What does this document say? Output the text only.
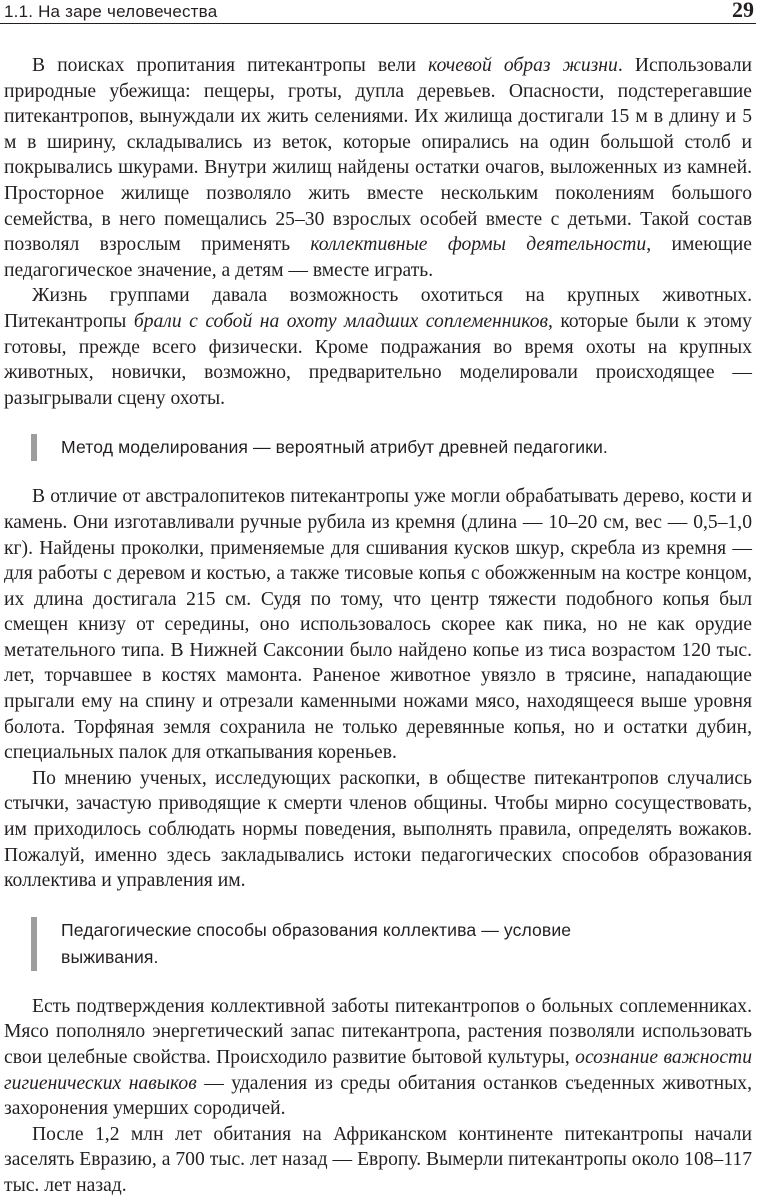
1.1. На заре человечества	29

В поисках пропитания питекантропы вели кочевой образ жизни. Использовали природные убежища: пещеры, гроты, дупла деревьев. Опасности, подстерегавшие питекантропов, вынуждали их жить селениями. Их жилища достигали 15 м в длину и 5 м в ширину, складывались из веток, которые опирались на один большой столб и покрывались шкурами. Внутри жилищ найдены остатки очагов, выложенных из камней. Просторное жилище позволяло жить вместе нескольким поколениям большого семейства, в него помещались 25–30 взрослых особей вместе с детьми. Такой состав позволял взрослым применять коллективные формы деятельности, имеющие педагогическое значение, а детям — вместе играть.

Жизнь группами давала возможность охотиться на крупных животных. Питекантропы брали с собой на охоту младших соплеменников, которые были к этому готовы, прежде всего физически. Кроме подражания во время охоты на крупных животных, новички, возможно, предварительно моделировали происходящее — разыгрывали сцену охоты.

Метод моделирования — вероятный атрибут древней педагогики.

В отличие от австралопитеков питекантропы уже могли обрабатывать дерево, кости и камень. Они изготавливали ручные рубила из кремня (длина — 10–20 см, вес — 0,5–1,0 кг). Найдены проколки, применяемые для сшивания кусков шкур, скребла из кремня — для работы с деревом и костью, а также тисовые копья с обожженным на костре концом, их длина достигала 215 см. Судя по тому, что центр тяжести подобного копья был смещен книзу от середины, оно использовалось скорее как пика, но не как орудие метательного типа. В Нижней Саксонии было найдено копье из тиса возрастом 120 тыс. лет, торчавшее в костях мамонта. Раненое животное увязло в трясине, нападающие прыгали ему на спину и отрезали каменными ножами мясо, находящееся выше уровня болота. Торфяная земля сохранила не только деревянные копья, но и остатки дубин, специальных палок для откапывания кореньев.

По мнению ученых, исследующих раскопки, в обществе питекантропов случались стычки, зачастую приводящие к смерти членов общины. Чтобы мирно сосуществовать, им приходилось соблюдать нормы поведения, выполнять правила, определять вожаков. Пожалуй, именно здесь закладывались истоки педагогических способов образования коллектива и управления им.

Педагогические способы образования коллектива — условие
выживания.

Есть подтверждения коллективной заботы питекантропов о больных соплеменниках. Мясо пополняло энергетический запас питекантропа, растения позволяли использовать свои целебные свойства. Происходило развитие бытовой культуры, осознание важности гигиенических навыков — удаления из среды обитания останков съеденных животных, захоронения умерших сородичей.

После 1,2 млн лет обитания на Африканском континенте питекантропы начали заселять Евразию, а 700 тыс. лет назад — Европу. Вымерли питекантропы около 108–117 тыс. лет назад.
